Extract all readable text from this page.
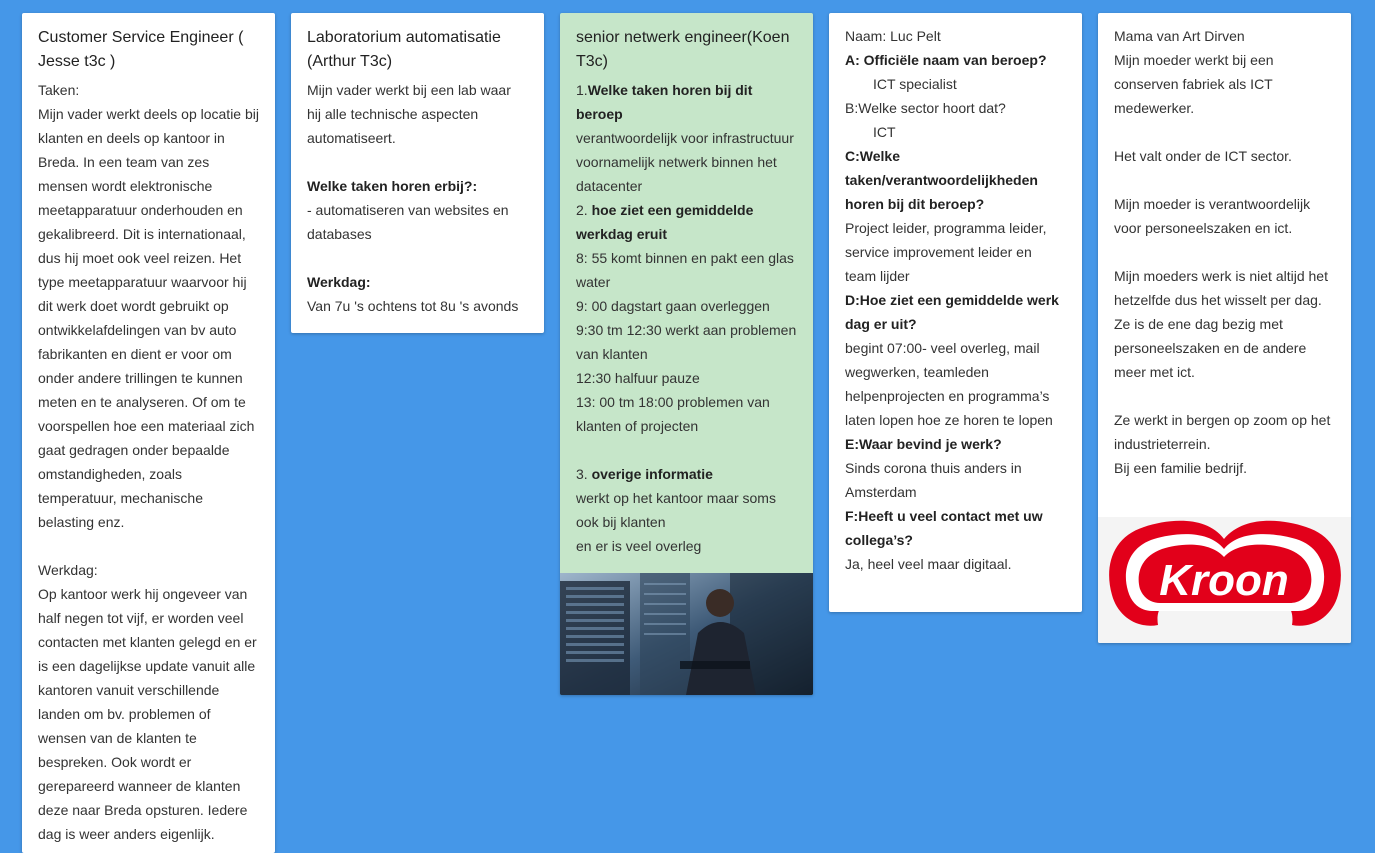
Customer Service Engineer ( Jesse t3c )

Taken:

Mijn vader werkt deels op locatie bij klanten en deels op kantoor in Breda. In een team van zes mensen wordt elektronische meetapparatuur onderhouden en gekalibreerd. Dit is internationaal, dus hij moet ook veel reizen. Het type meetapparatuur waarvoor hij dit werk doet wordt gebruikt op ontwikkelafdelingen van bv auto fabrikanten en dient er voor om onder andere trillingen te kunnen meten en te analyseren. Of om te voorspellen hoe een materiaal zich gaat gedragen onder bepaalde omstandigheden, zoals temperatuur, mechanische belasting enz.

Werkdag:

Op kantoor werk hij ongeveer van half negen tot vijf, er worden veel contacten met klanten gelegd en er is een dagelijkse update vanuit alle kantoren vanuit verschillende landen om bv. problemen of wensen van de klanten te bespreken. Ook wordt er gerepareerd wanneer de klanten deze naar Breda opsturen. Iedere dag is weer anders eigenlijk.

Laboratorium automatisatie (Arthur T3c)

Mijn vader werkt bij een lab waar hij alle technische aspecten automatiseert.

Welke taken horen erbij?:

- automatiseren van websites en databases

Werkdag:

Van 7u 's ochtens tot 8u 's avonds

senior netwerk engineer(Koen T3c)

1.Welke taken horen bij dit beroep

verantwoordelijk voor infrastructuur voornamelijk netwerk binnen het datacenter

2. hoe ziet een gemiddelde werkdag eruit

8: 55 komt binnen en pakt een glas water

9: 00 dagstart gaan overleggen

9:30 tm 12:30 werkt aan problemen van klanten

12:30 halfuur pauze

13: 00 tm 18:00 problemen van klanten of projecten

3. overige informatie

werkt op het kantoor maar soms ook bij klanten

en er is veel overleg

Naam: Luc Pelt

A: Officiële naam van beroep?

ICT specialist

B:Welke sector hoort dat?

ICT

C:Welke taken/verantwoordelijkheden horen bij dit beroep?

Project leider, programma leider, service improvement leider en team lijder

D:Hoe ziet een gemiddelde werk dag er uit?

begint 07:00- veel overleg, mail wegwerken, teamleden helpenprojecten en programma’s laten lopen hoe ze horen te lopen

E:Waar bevind je werk?

Sinds corona thuis anders in Amsterdam

F:Heeft u veel contact met uw collega’s?

Ja, heel veel maar digitaal.

Mama van Art Dirven

Mijn moeder werkt bij een conserven fabriek als ICT medewerker.

Het valt onder de ICT sector.

Mijn moeder is verantwoordelijk voor personeelszaken en ict.

Mijn moeders werk is niet altijd het hetzelfde dus het wisselt per dag. Ze is de ene dag bezig met personeelszaken en de andere meer met ict.

Ze werkt in bergen op zoom op het industrieterrein.

Bij een familie bedrijf.

Kroon
